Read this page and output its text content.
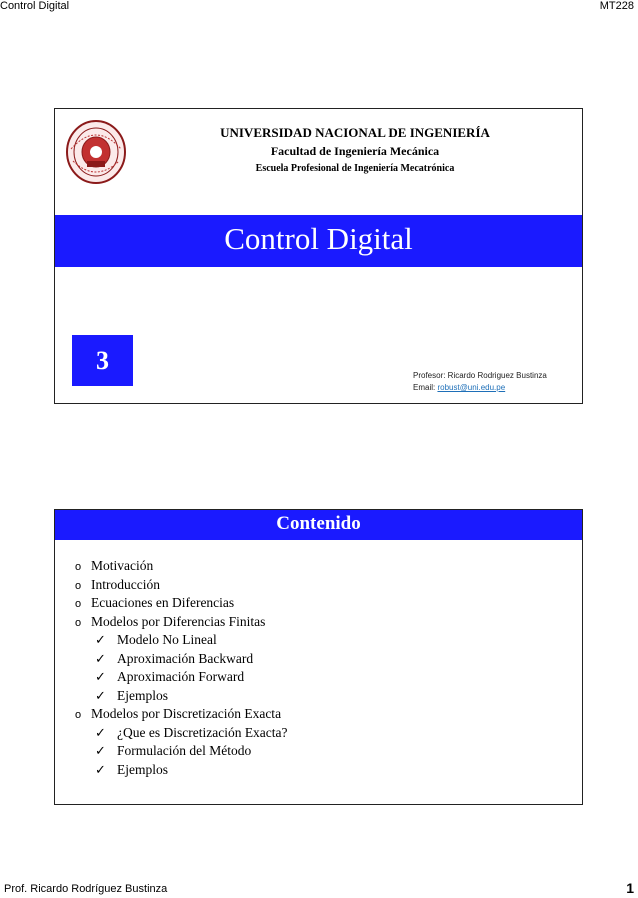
Control Digital	MT228
UNIVERSIDAD NACIONAL DE INGENIERÍA
Facultad de Ingeniería Mecánica
Escuela Profesional de Ingeniería Mecatrónica
Control Digital
3
Profesor: Ricardo Rodriguez Bustinza
Email: robust@uni.edu.pe
Contenido
o Motivación
o Introducción
o Ecuaciones en Diferencias
o Modelos por Diferencias Finitas
✓ Modelo No Lineal
✓ Aproximación Backward
✓ Aproximación Forward
✓ Ejemplos
o Modelos por Discretización Exacta
✓ ¿Que es Discretización Exacta?
✓ Formulación del Método
✓ Ejemplos
Prof. Ricardo Rodríguez Bustinza	1
